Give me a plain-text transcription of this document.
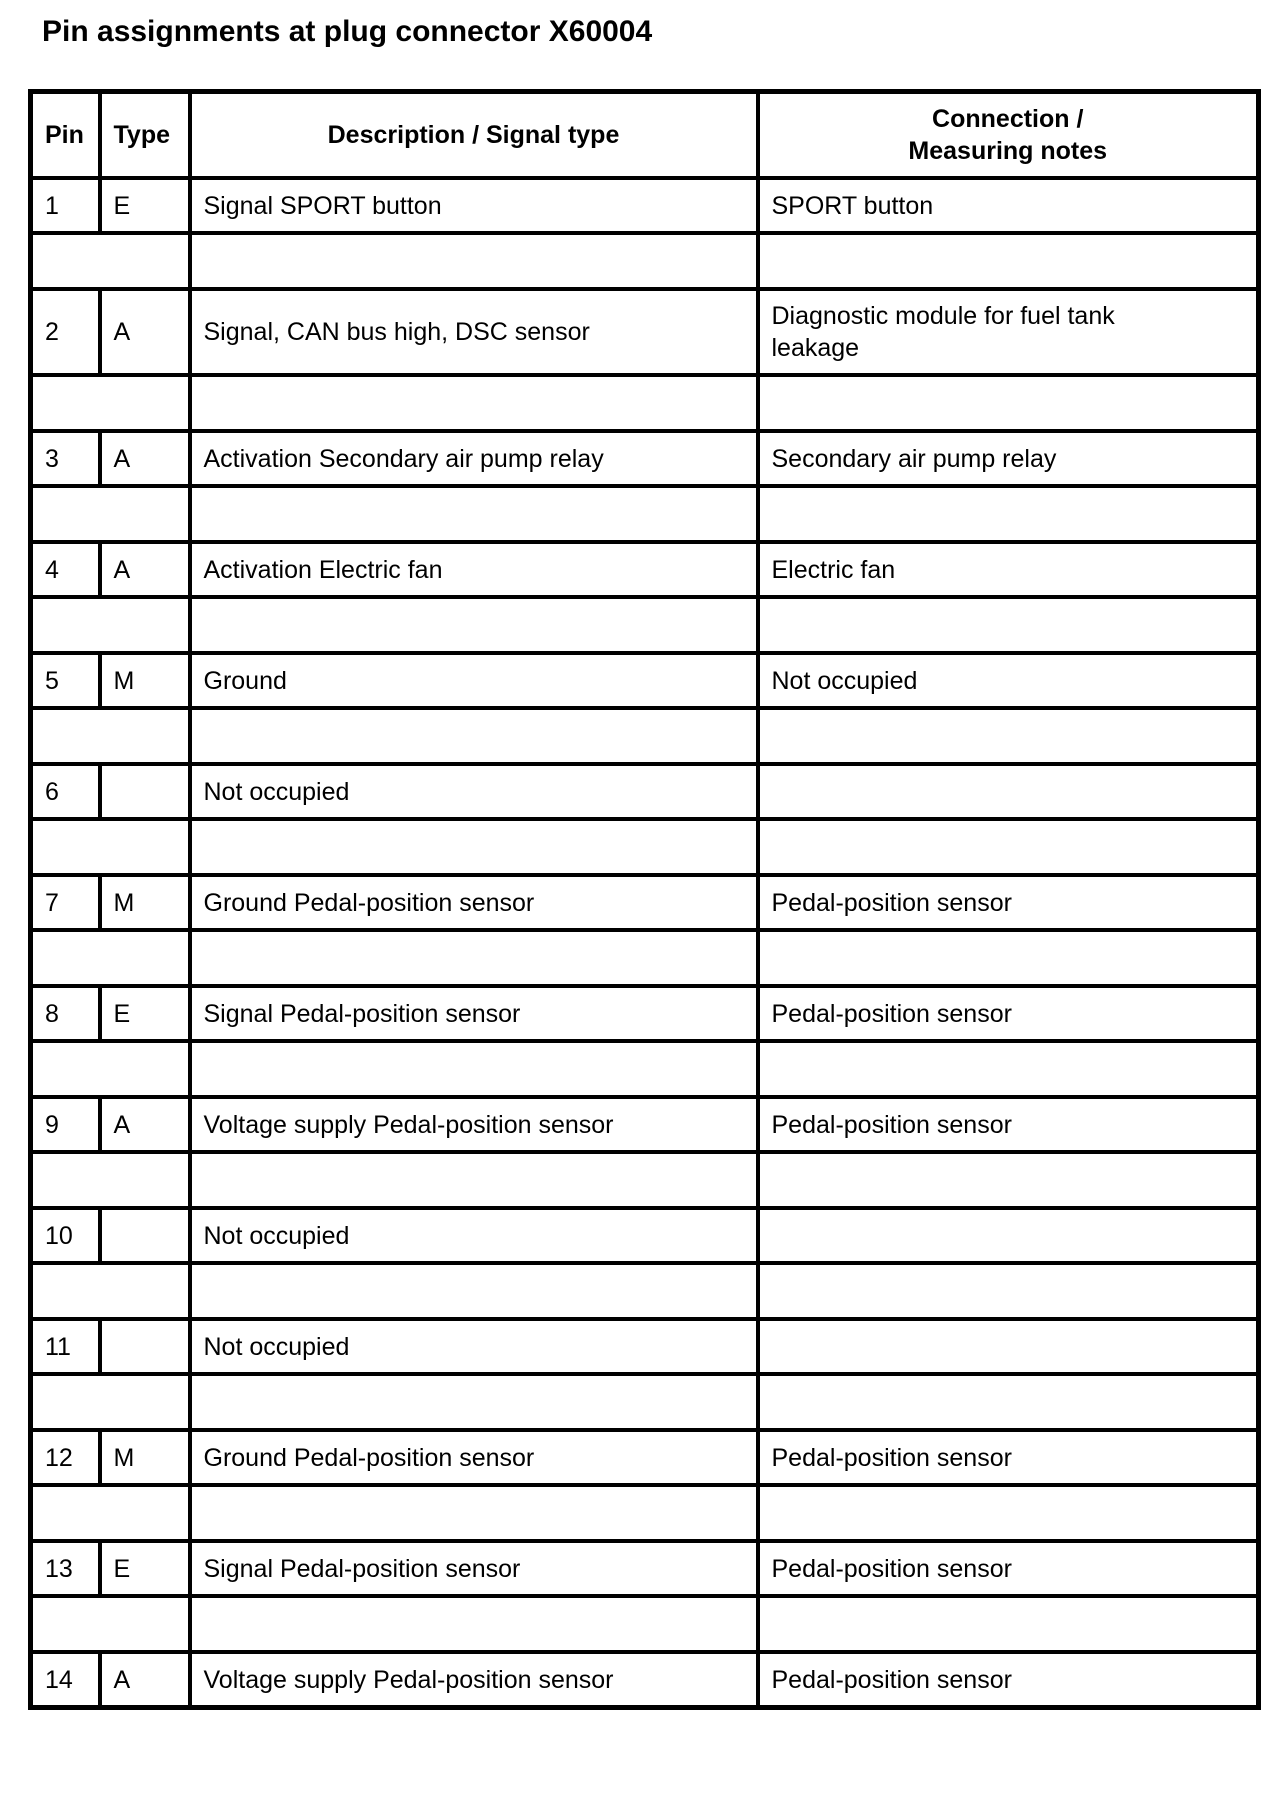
Pin assignments at plug connector X60004
Pin	Type	Description / Signal type	Connection /
Measuring notes

1	E	Signal SPORT button	SPORT button

2	A	Signal, CAN bus high, DSC sensor	Diagnostic module for fuel tank
leakage

3	A	Activation Secondary air pump relay	Secondary air pump relay

4	A	Activation Electric fan	Electric fan

5	M	Ground	Not occupied

6		Not occupied	

7	M	Ground Pedal-position sensor	Pedal-position sensor

8	E	Signal Pedal-position sensor	Pedal-position sensor

9	A	Voltage supply Pedal-position sensor	Pedal-position sensor

10		Not occupied	

11		Not occupied	

12	M	Ground Pedal-position sensor	Pedal-position sensor

13	E	Signal Pedal-position sensor	Pedal-position sensor

14	A	Voltage supply Pedal-position sensor	Pedal-position sensor
